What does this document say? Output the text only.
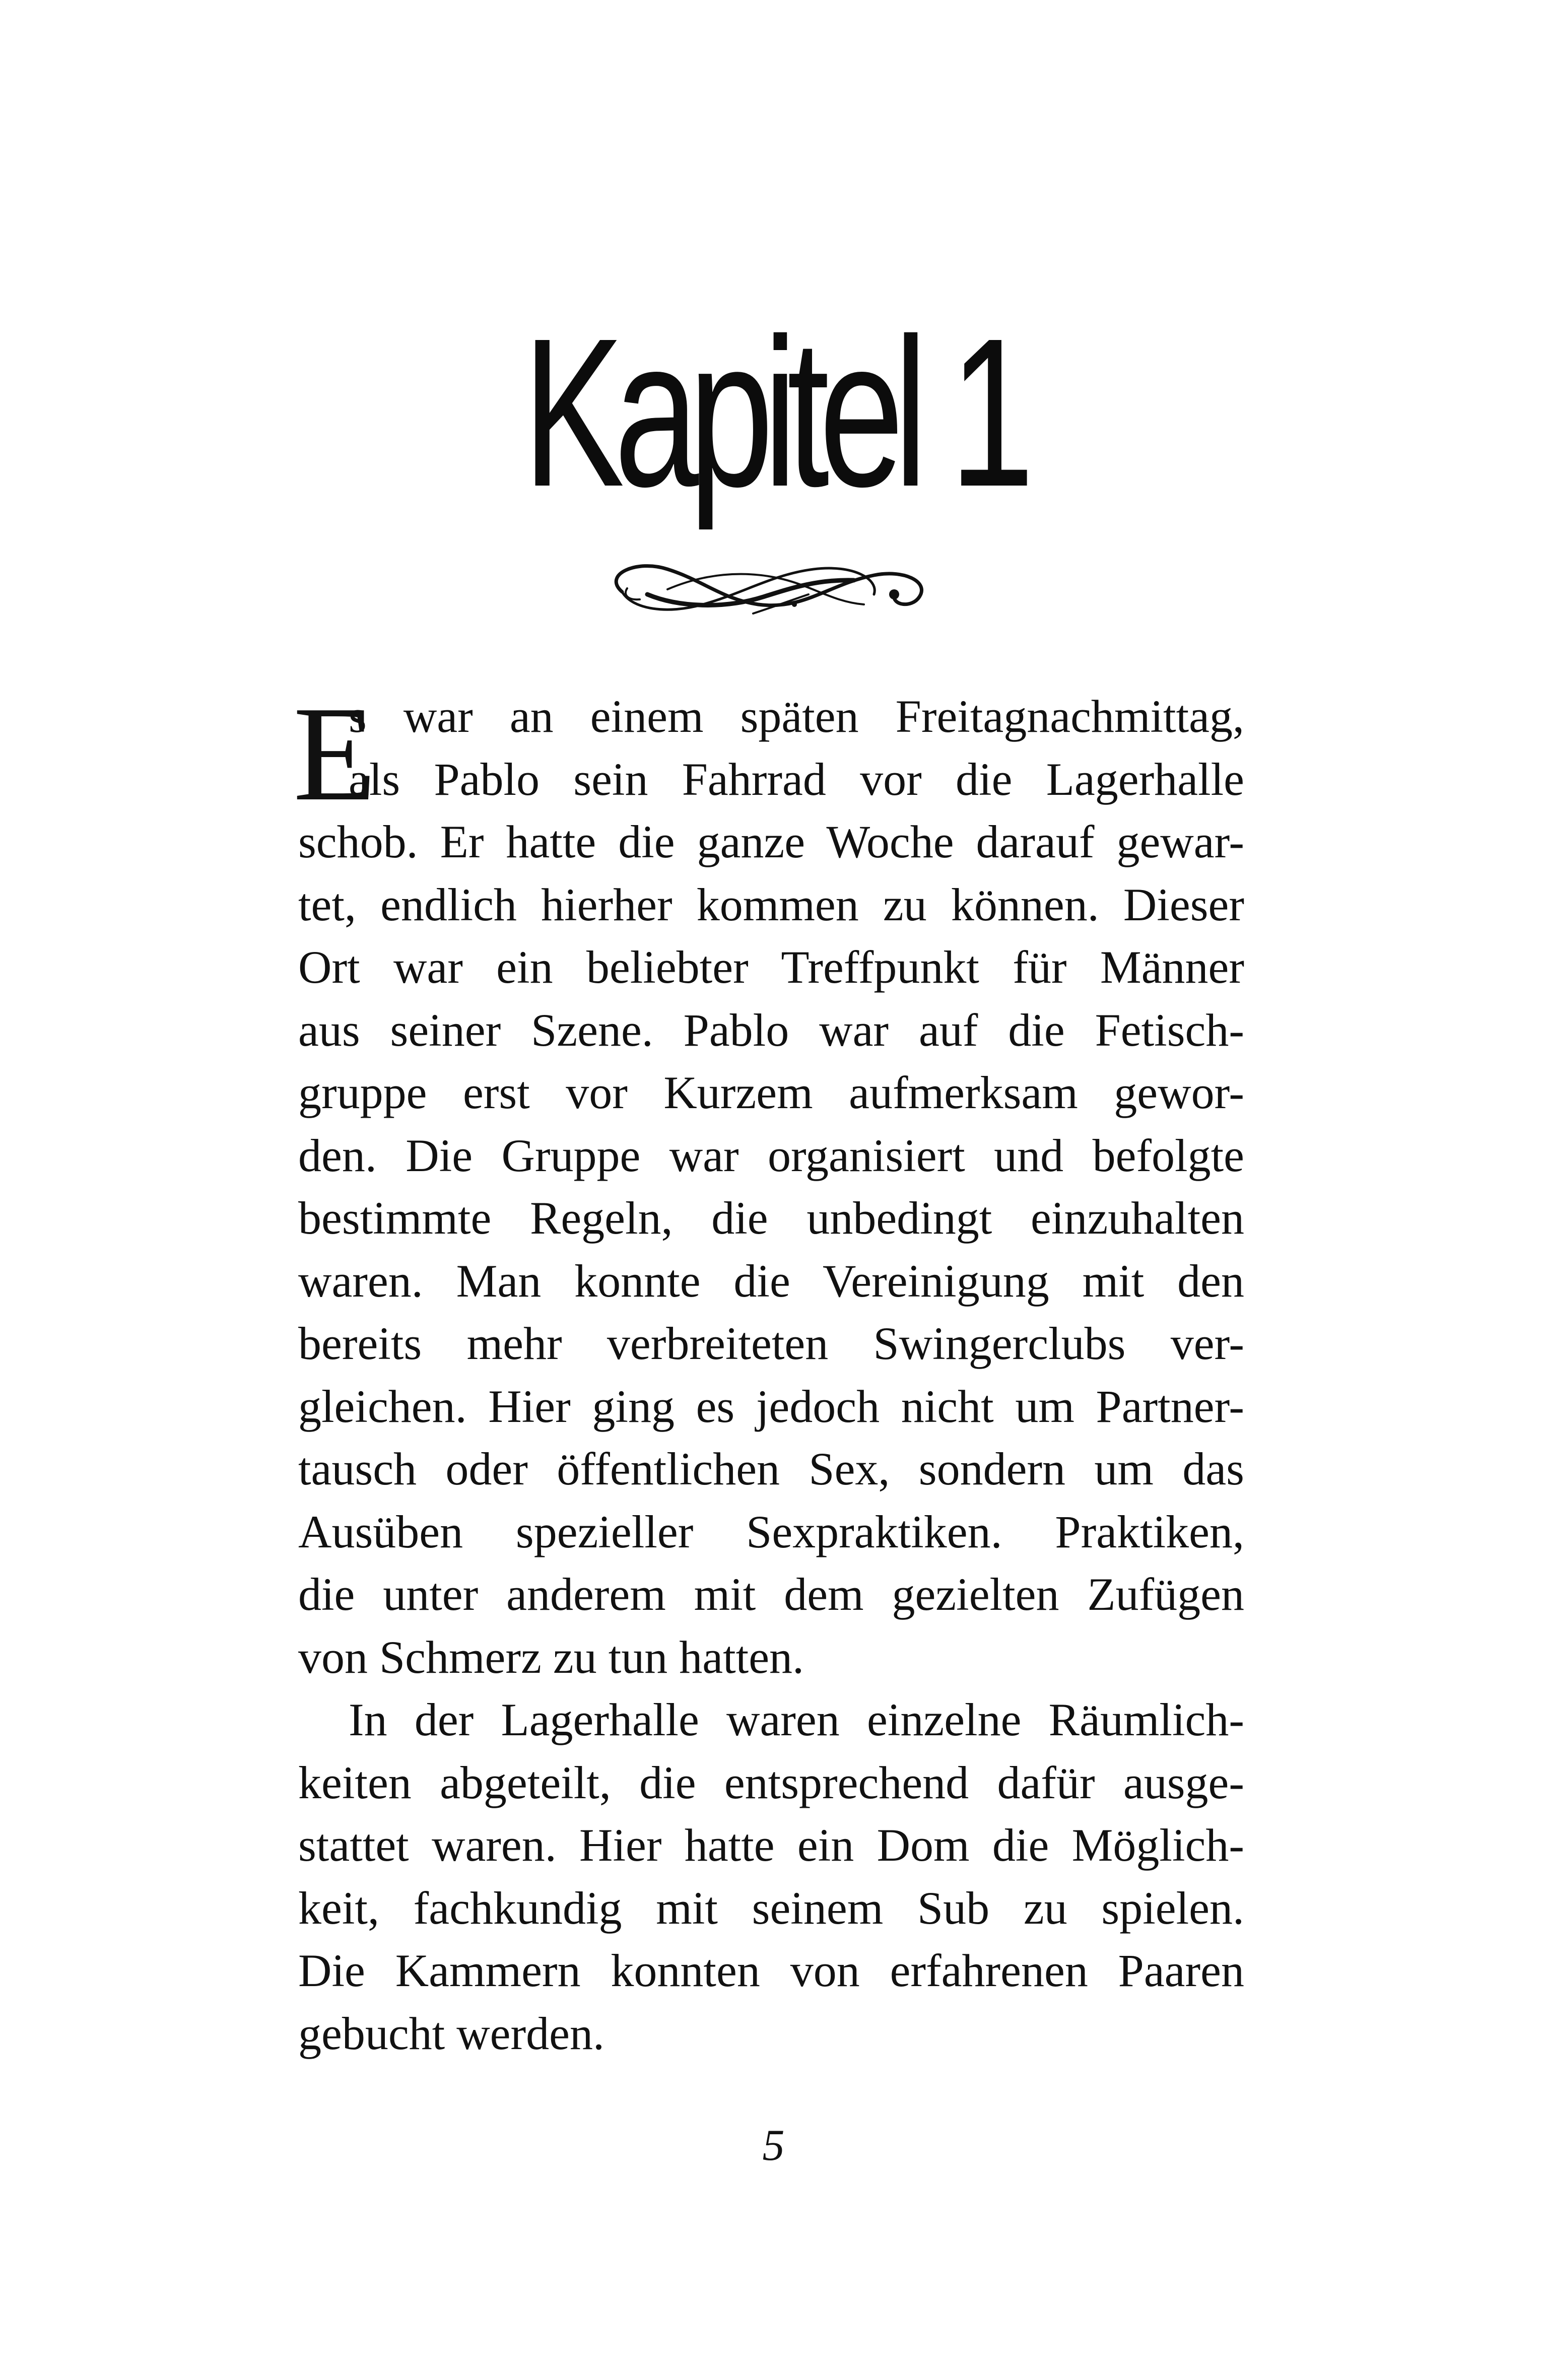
Kapitel 1
E
s war an einem späten Freitagnachmittag,
als Pablo sein Fahrrad vor die Lagerhalle
schob. Er hatte die ganze Woche darauf gewar-
tet, endlich hierher kommen zu können. Dieser
Ort war ein beliebter Treffpunkt für Männer
aus seiner Szene. Pablo war auf die Fetisch-
gruppe erst vor Kurzem aufmerksam gewor-
den. Die Gruppe war organisiert und befolgte
bestimmte Regeln, die unbedingt einzuhalten
waren. Man konnte die Vereinigung mit den
bereits mehr verbreiteten Swingerclubs ver-
gleichen. Hier ging es jedoch nicht um Partner-
tausch oder öffentlichen Sex, sondern um das
Ausüben spezieller Sexpraktiken. Praktiken,
die unter anderem mit dem gezielten Zufügen
von Schmerz zu tun hatten.
In der Lagerhalle waren einzelne Räumlich-
keiten abgeteilt, die entsprechend dafür ausge-
stattet waren. Hier hatte ein Dom die Möglich-
keit, fachkundig mit seinem Sub zu spielen.
Die Kammern konnten von erfahrenen Paaren
gebucht werden.
5
